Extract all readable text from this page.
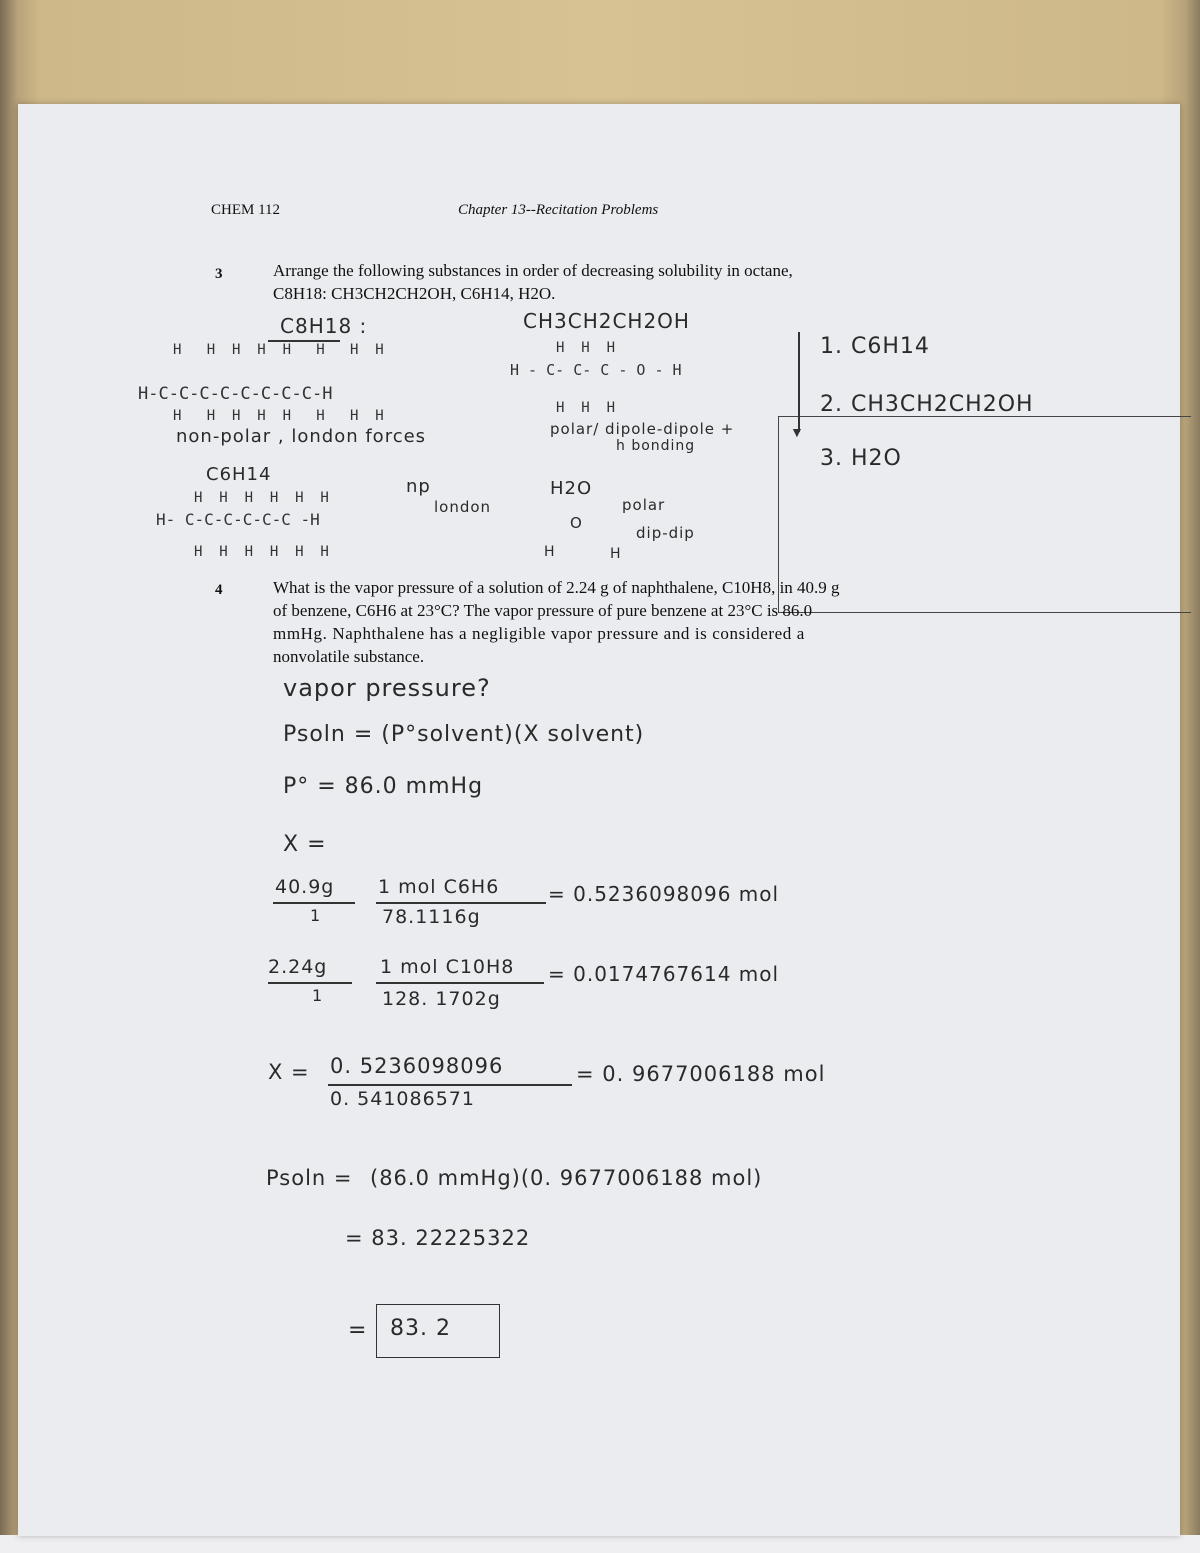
CHEM 112	Chapter 13--Recitation Problems
3	Arrange the following substances in order of decreasing solubility in octane,
C8H18: CH3CH2CH2OH, C6H14, H2O.
C8H18 :
H   H  H  H  H   H   H  H
H-C-C-C-C-C-C-C-C-H
H   H  H  H  H   H   H  H
non-polar , london forces
CH3CH2CH2OH
H  H  H
H - C- C- C - O - H
H  H  H
polar/ dipole-dipole +
h bonding
C6H14
H  H  H  H  H  H
H- C-C-C-C-C-C -H
H  H  H  H  H  H
np
london
H2O
O
H	H
polar
dip-dip
▼
1. C6H14
2. CH3CH2CH2OH
3. H2O
4	What is the vapor pressure of a solution of 2.24 g of naphthalene, C10H8, in 40.9 g
of benzene, C6H6 at 23°C? The vapor pressure of pure benzene at 23°C is 86.0
mmHg. Naphthalene has a negligible vapor pressure and is considered a
nonvolatile substance.
vapor pressure?
Psoln = (P°solvent)(X solvent)
P° = 86.0 mmHg
X =
40.9g
1
1 mol C6H6
78.1116g
= 0.5236098096 mol
2.24g
1
1 mol C10H8
128. 1702g
= 0.0174767614 mol
X = 0. 5236098096
0. 541086571
= 0. 9677006188 mol
Psoln = (86.0 mmHg)(0. 9677006188 mol)
= 83. 22225322
= 83. 2
